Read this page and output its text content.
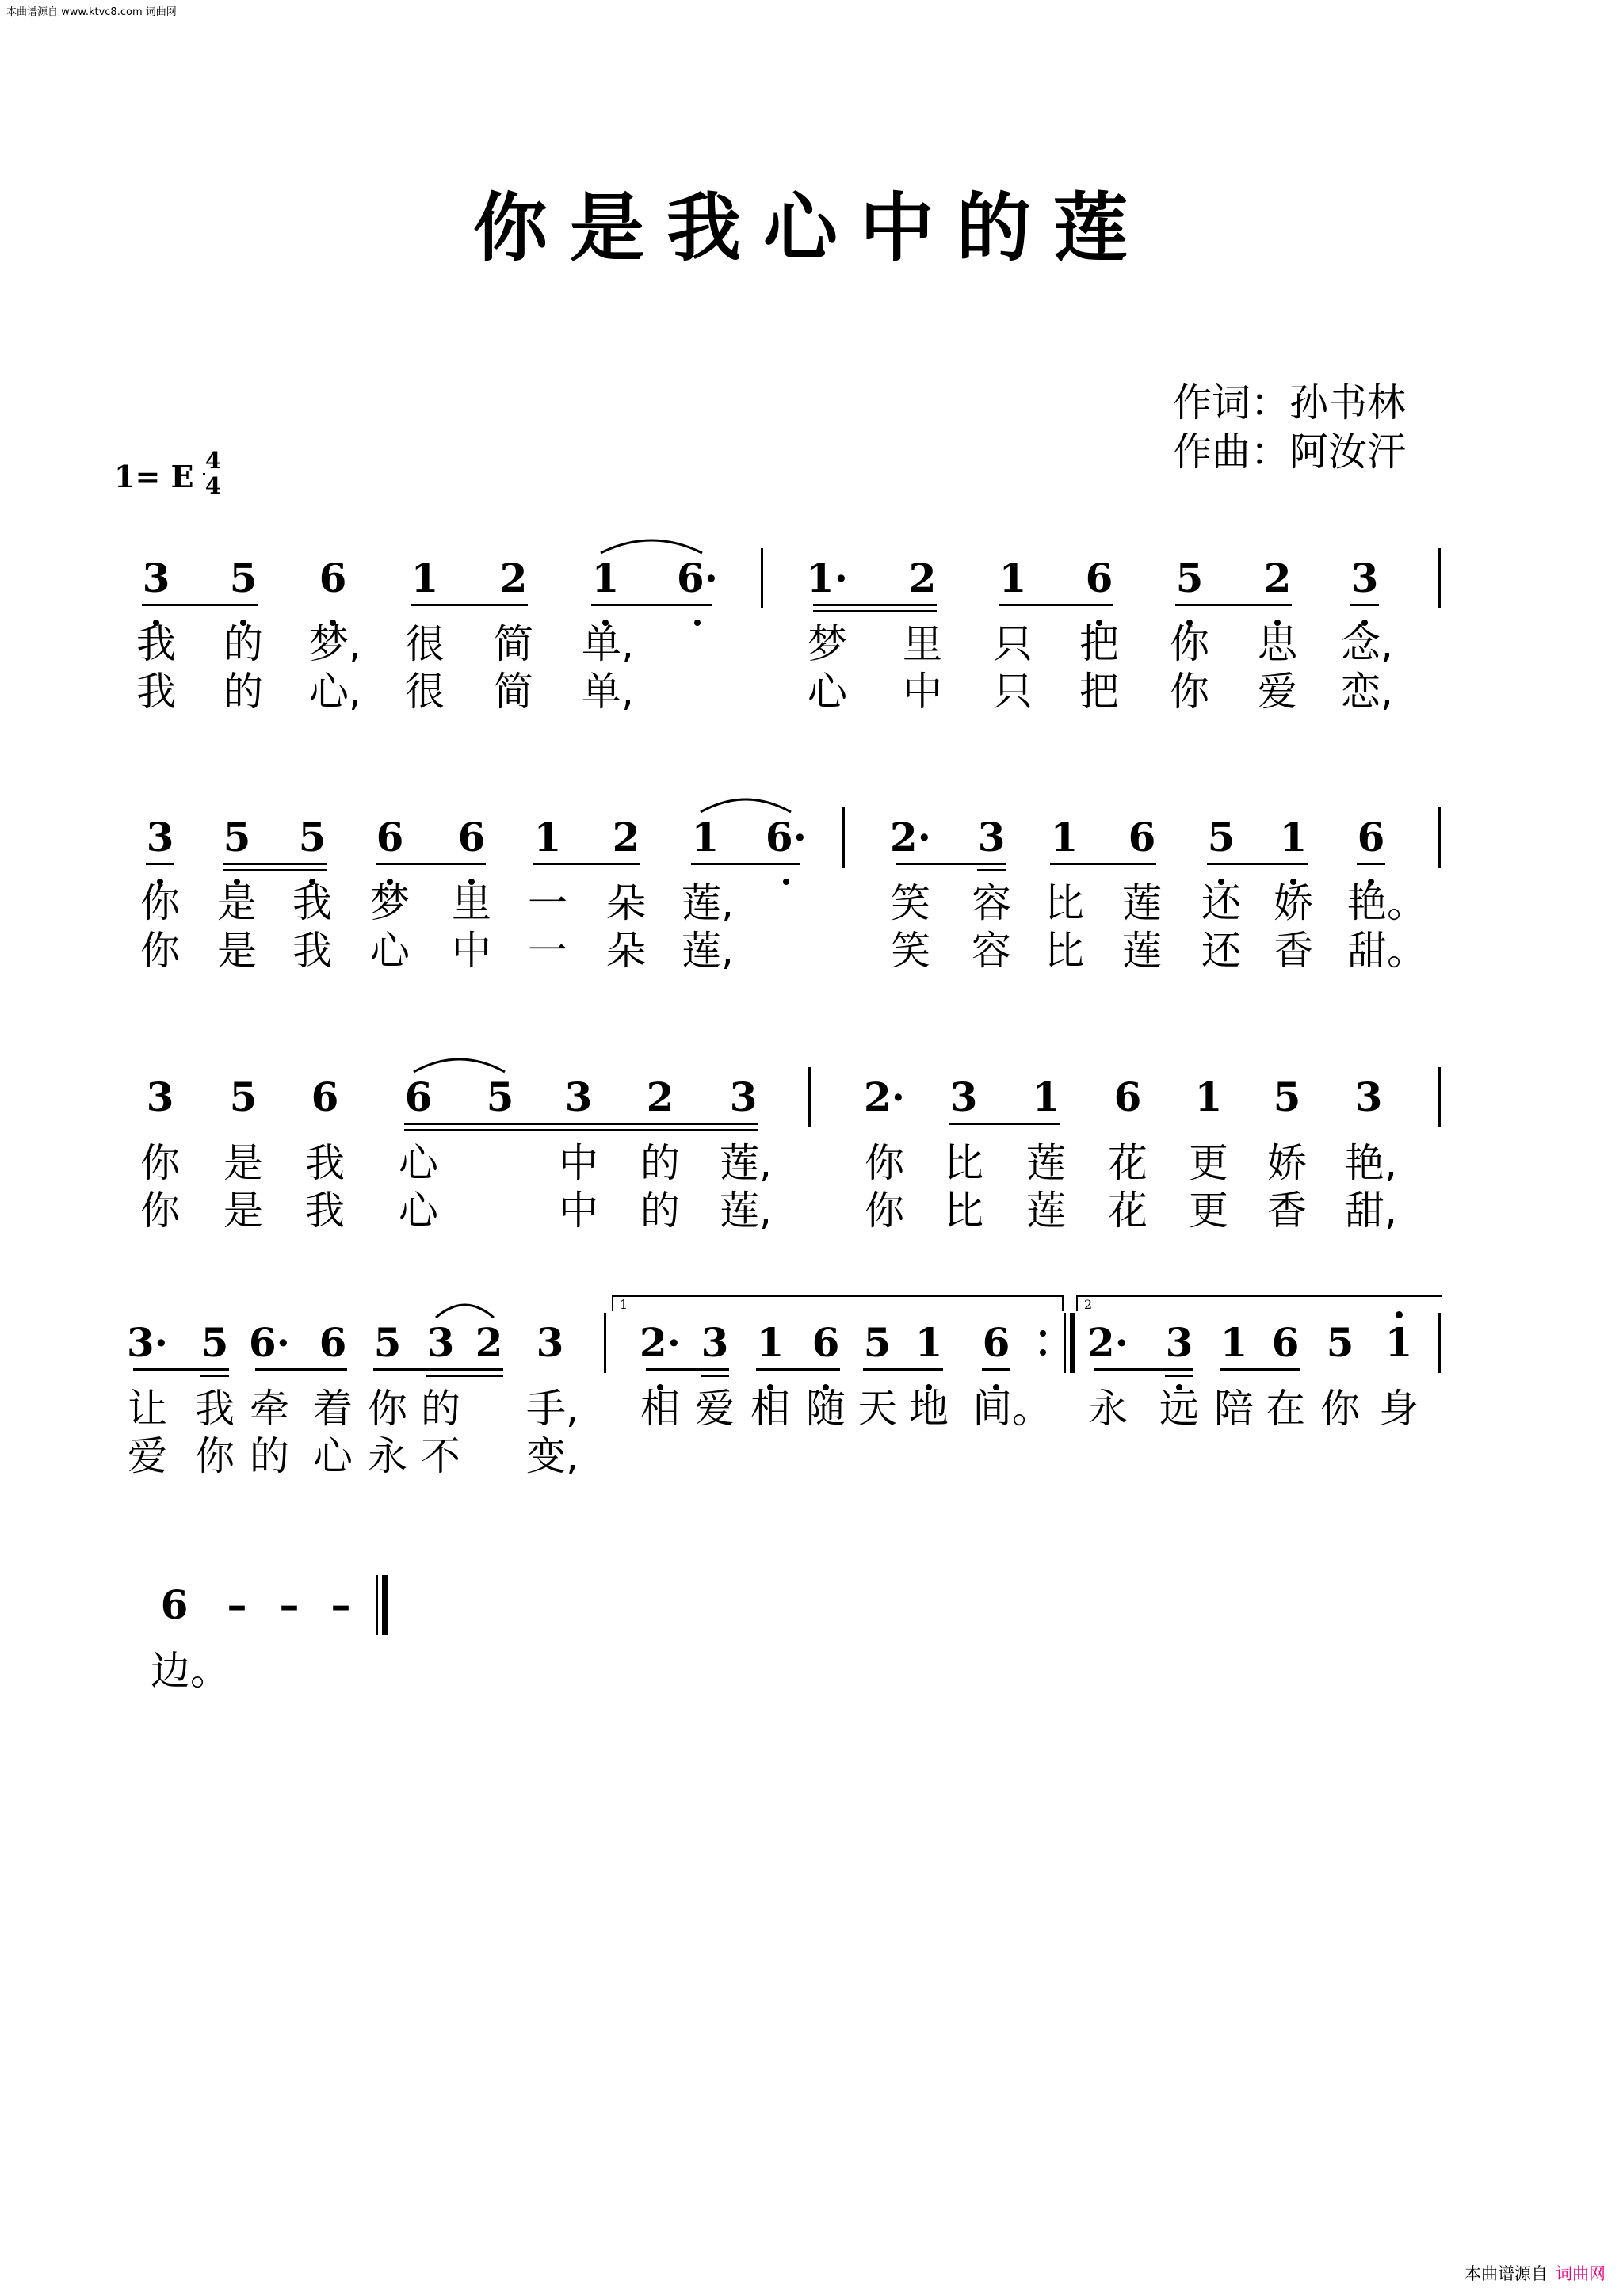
本曲谱源自 www.ktvc8.com 词曲网
你是我心中的莲
作词：孙书林
作曲：阿汝汗
1= E 4
4
3 5 6 1 2 1 6· 1· 2 1 6 5 2 3
我 的 梦, 很 简 单,	梦 里 只 把 你 思 念,
我 的 心, 很 简 单,	心 中 只 把 你 爱 恋,
3 5 5 6 6 1 2 1 6· 2· 3 1 6 5 1 6
你 是 我 梦 里 一 朵 莲,	笑 容 比 莲 还 娇 艳。
你 是 我 心 中 一 朵 莲,	笑 容 比 莲 还 香 甜。
3 5 6 6 5 3 2 3	2· 3 1 6 1 5 3
你 是 我 心	中 的 莲, 你 比 莲 花 更 娇 艳,
你 是 我 心	中 的 莲, 你 比 莲 花 更 香 甜,
3· 5 6· 6 5 3 2 3 2· 3 1 6 5 1 6 2· 3 1 6 5 1
让 我 牵 着 你 的 手, 相 爱 相 随 天 地 间。 永 远 陪 在 你 身
爱 你 的 心 永 不 变,
1	2
6 – – –
边。
本曲谱源自 词曲网
